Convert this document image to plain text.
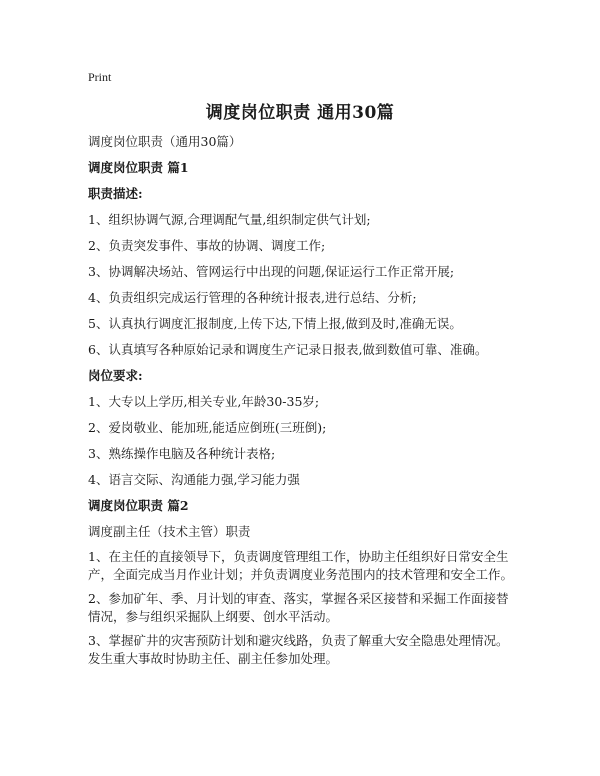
Print
调度岗位职责 通用30篇

调度岗位职责（通用30篇）

调度岗位职责 篇1

职责描述:

1、组织协调气源,合理调配气量,组织制定供气计划;

2、负责突发事件、事故的协调、调度工作;

3、协调解决场站、管网运行中出现的问题,保证运行工作正常开展;

4、负责组织完成运行管理的各种统计报表,进行总结、分析;

5、认真执行调度汇报制度,上传下达,下情上报,做到及时,准确无误。

6、认真填写各种原始记录和调度生产记录日报表,做到数值可靠、准确。

岗位要求:

1、大专以上学历,相关专业,年龄30-35岁;

2、爱岗敬业、能加班,能适应倒班(三班倒);

3、熟练操作电脑及各种统计表格;

4、语言交际、沟通能力强,学习能力强

调度岗位职责 篇2

调度副主任（技术主管）职责

1、在主任的直接领导下，负责调度管理组工作，协助主任组织好日常安全生产，全面完成当月作业计划；并负责调度业务范围内的技术管理和安全工作。

2、参加矿年、季、月计划的审查、落实，掌握各采区接替和采掘工作面接替情况，参与组织采掘队上纲要、创水平活动。

3、掌握矿井的灾害预防计划和避灾线路，负责了解重大安全隐患处理情况。发生重大事故时协助主任、副主任参加处理。
